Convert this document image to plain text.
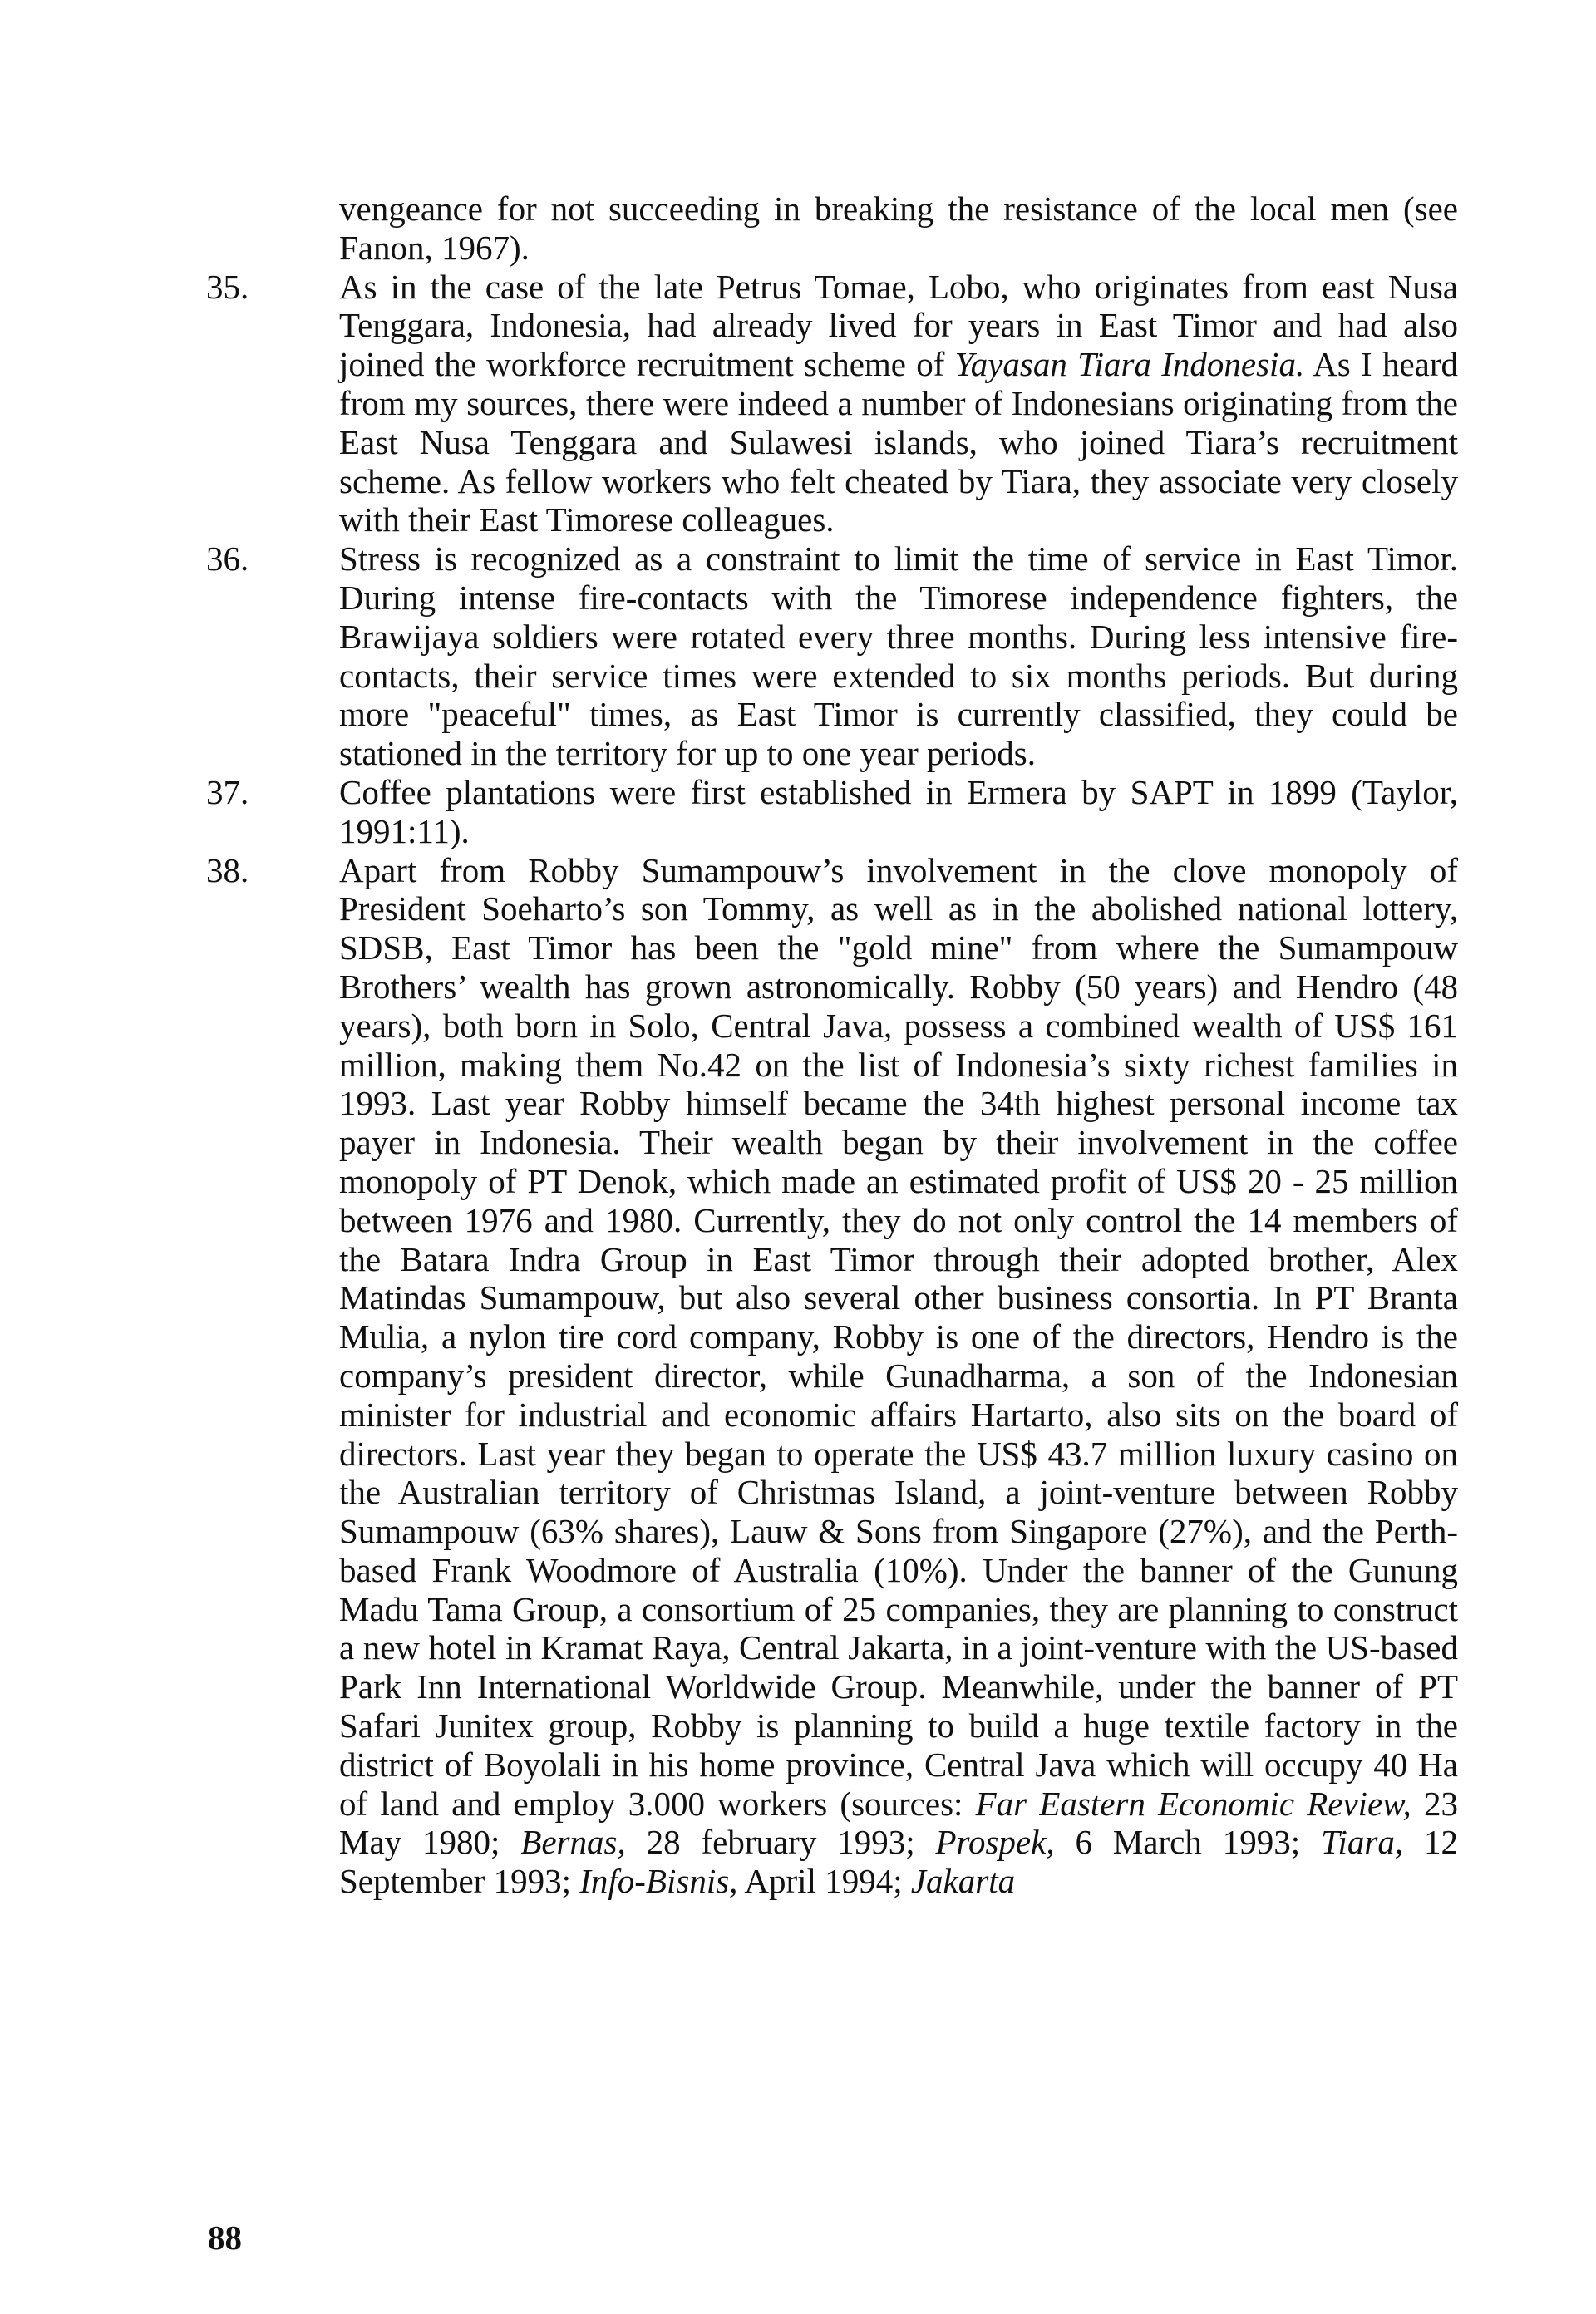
vengeance for not succeeding in breaking the resistance of the local men (see Fanon, 1967).
35.	As in the case of the late Petrus Tomae, Lobo, who originates from east Nusa Tenggara, Indonesia, had already lived for years in East Timor and had also joined the workforce recruitment scheme of Yayasan Tiara Indonesia. As I heard from my sources, there were indeed a number of Indonesians originating from the East Nusa Tenggara and Sulawesi islands, who joined Tiara’s recruitment scheme. As fellow workers who felt cheated by Tiara, they associate very closely with their East Timorese colleagues.
36.	Stress is recognized as a constraint to limit the time of service in East Timor. During intense fire-contacts with the Timorese independence fighters, the Brawijaya soldiers were rotated every three months. During less intensive fire-contacts, their service times were extended to six months periods. But during more "peaceful" times, as East Timor is currently classified, they could be stationed in the territory for up to one year periods.
37.	Coffee plantations were first established in Ermera by SAPT in 1899 (Taylor, 1991:11).
38.	Apart from Robby Sumampouw’s involvement in the clove monopoly of President Soeharto’s son Tommy, as well as in the abolished national lottery, SDSB, East Timor has been the "gold mine" from where the Sumampouw Brothers’ wealth has grown astronomically. Robby (50 years) and Hendro (48 years), both born in Solo, Central Java, possess a combined wealth of US$ 161 million, making them No.42 on the list of Indonesia’s sixty richest families in 1993. Last year Robby himself became the 34th highest personal income tax payer in Indonesia. Their wealth began by their involvement in the coffee monopoly of PT Denok, which made an estimated profit of US$ 20 - 25 million between 1976 and 1980. Currently, they do not only control the 14 members of the Batara Indra Group in East Timor through their adopted brother, Alex Matindas Sumampouw, but also several other business consortia. In PT Branta Mulia, a nylon tire cord company, Robby is one of the directors, Hendro is the company’s president director, while Gunadharma, a son of the Indonesian minister for industrial and economic affairs Hartarto, also sits on the board of directors. Last year they began to operate the US$ 43.7 million luxury casino on the Australian territory of Christmas Island, a joint-venture between Robby Sumampouw (63% shares), Lauw & Sons from Singapore (27%), and the Perth-based Frank Woodmore of Australia (10%). Under the banner of the Gunung Madu Tama Group, a consortium of 25 companies, they are planning to construct a new hotel in Kramat Raya, Central Jakarta, in a joint-venture with the US-based Park Inn International Worldwide Group. Meanwhile, under the banner of PT Safari Junitex group, Robby is planning to build a huge textile factory in the district of Boyolali in his home province, Central Java which will occupy 40 Ha of land and employ 3.000 workers (sources: Far Eastern Economic Review, 23 May 1980; Bernas, 28 february 1993; Prospek, 6 March 1993; Tiara, 12 September 1993; Info-Bisnis, April 1994; Jakarta
88
